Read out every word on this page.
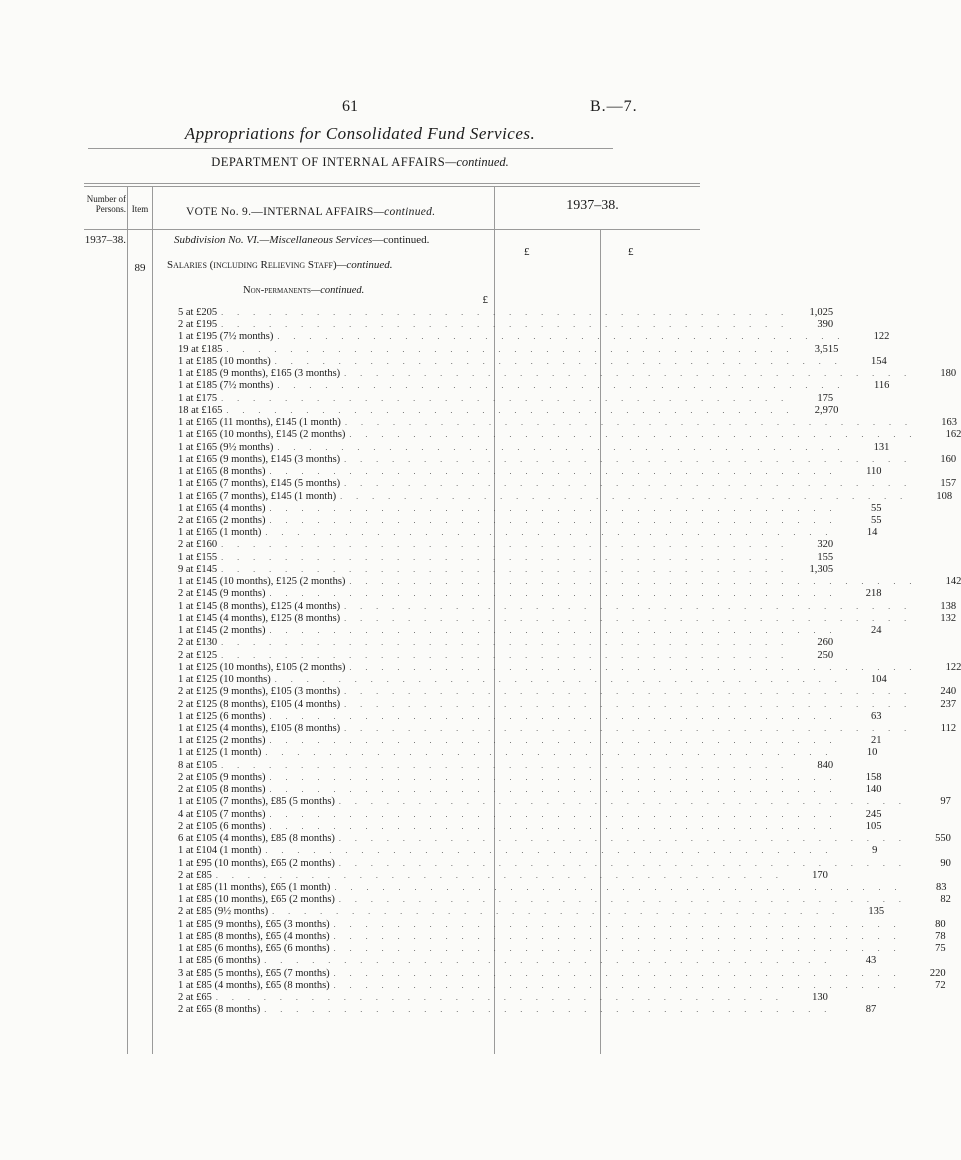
61	B.—7.
Appropriations for Consolidated Fund Services.
DEPARTMENT OF INTERNAL AFFAIRS—continued.
Number of Persons. Item	VOTE No. 9.—INTERNAL AFFAIRS—continued.	1937–38.
1937–38.	Subdivision No. VI.—Miscellaneous Services—continued.
£	£
89	Salaries (including Relieving Staff)—continued.
Non-permanents—continued.
£
5 at £205 . . . . . . . . . . . . . . . . . . . . . . . . . . . . . . . . . . . .	1,025
2 at £195 . . . . . . . . . . . . . . . . . . . . . . . . . . . . . . . . . . . .	390
1 at £195 (7½ months) . . . . . . . . . . . . . . . . . . . . . . . . . . . . . . . . . . . .	122
19 at £185 . . . . . . . . . . . . . . . . . . . . . . . . . . . . . . . . . . . .	3,515
1 at £185 (10 months) . . . . . . . . . . . . . . . . . . . . . . . . . . . . . . . . . . . .	154
1 at £185 (9 months), £165 (3 months) . . . . . . . . . . . . . . . . . . . . . . . . . . . . . . . . . . . .	180
1 at £185 (7½ months) . . . . . . . . . . . . . . . . . . . . . . . . . . . . . . . . . . . .	116
1 at £175 . . . . . . . . . . . . . . . . . . . . . . . . . . . . . . . . . . . .	175
18 at £165 . . . . . . . . . . . . . . . . . . . . . . . . . . . . . . . . . . . .	2,970
1 at £165 (11 months), £145 (1 month) . . . . . . . . . . . . . . . . . . . . . . . . . . . . . . . . . . . .	163
1 at £165 (10 months), £145 (2 months) . . . . . . . . . . . . . . . . . . . . . . . . . . . . . . . . . . . .	162
1 at £165 (9½ months) . . . . . . . . . . . . . . . . . . . . . . . . . . . . . . . . . . . .	131
1 at £165 (9 months), £145 (3 months) . . . . . . . . . . . . . . . . . . . . . . . . . . . . . . . . . . . .	160
1 at £165 (8 months) . . . . . . . . . . . . . . . . . . . . . . . . . . . . . . . . . . . .	110
1 at £165 (7 months), £145 (5 months) . . . . . . . . . . . . . . . . . . . . . . . . . . . . . . . . . . . .	157
1 at £165 (7 months), £145 (1 month) . . . . . . . . . . . . . . . . . . . . . . . . . . . . . . . . . . . .	108
1 at £165 (4 months) . . . . . . . . . . . . . . . . . . . . . . . . . . . . . . . . . . . .	55
2 at £165 (2 months) . . . . . . . . . . . . . . . . . . . . . . . . . . . . . . . . . . . .	55
1 at £165 (1 month) . . . . . . . . . . . . . . . . . . . . . . . . . . . . . . . . . . . .	14
2 at £160 . . . . . . . . . . . . . . . . . . . . . . . . . . . . . . . . . . . .	320
1 at £155 . . . . . . . . . . . . . . . . . . . . . . . . . . . . . . . . . . . .	155
9 at £145 . . . . . . . . . . . . . . . . . . . . . . . . . . . . . . . . . . . .	1,305
1 at £145 (10 months), £125 (2 months) . . . . . . . . . . . . . . . . . . . . . . . . . . . . . . . . . . . .	142
2 at £145 (9 months) . . . . . . . . . . . . . . . . . . . . . . . . . . . . . . . . . . . .	218
1 at £145 (8 months), £125 (4 months) . . . . . . . . . . . . . . . . . . . . . . . . . . . . . . . . . . . .	138
1 at £145 (4 months), £125 (8 months) . . . . . . . . . . . . . . . . . . . . . . . . . . . . . . . . . . . .	132
1 at £145 (2 months) . . . . . . . . . . . . . . . . . . . . . . . . . . . . . . . . . . . .	24
2 at £130 . . . . . . . . . . . . . . . . . . . . . . . . . . . . . . . . . . . .	260
2 at £125 . . . . . . . . . . . . . . . . . . . . . . . . . . . . . . . . . . . .	250
1 at £125 (10 months), £105 (2 months) . . . . . . . . . . . . . . . . . . . . . . . . . . . . . . . . . . . .	122
1 at £125 (10 months) . . . . . . . . . . . . . . . . . . . . . . . . . . . . . . . . . . . .	104
2 at £125 (9 months), £105 (3 months) . . . . . . . . . . . . . . . . . . . . . . . . . . . . . . . . . . . .	240
2 at £125 (8 months), £105 (4 months) . . . . . . . . . . . . . . . . . . . . . . . . . . . . . . . . . . . .	237
1 at £125 (6 months) . . . . . . . . . . . . . . . . . . . . . . . . . . . . . . . . . . . .	63
1 at £125 (4 months), £105 (8 months) . . . . . . . . . . . . . . . . . . . . . . . . . . . . . . . . . . . .	112
1 at £125 (2 months) . . . . . . . . . . . . . . . . . . . . . . . . . . . . . . . . . . . .	21
1 at £125 (1 month) . . . . . . . . . . . . . . . . . . . . . . . . . . . . . . . . . . . .	10
8 at £105 . . . . . . . . . . . . . . . . . . . . . . . . . . . . . . . . . . . .	840
2 at £105 (9 months) . . . . . . . . . . . . . . . . . . . . . . . . . . . . . . . . . . . .	158
2 at £105 (8 months) . . . . . . . . . . . . . . . . . . . . . . . . . . . . . . . . . . . .	140
1 at £105 (7 months), £85 (5 months) . . . . . . . . . . . . . . . . . . . . . . . . . . . . . . . . . . . .	97
4 at £105 (7 months) . . . . . . . . . . . . . . . . . . . . . . . . . . . . . . . . . . . .	245
2 at £105 (6 months) . . . . . . . . . . . . . . . . . . . . . . . . . . . . . . . . . . . .	105
6 at £105 (4 months), £85 (8 months) . . . . . . . . . . . . . . . . . . . . . . . . . . . . . . . . . . . .	550
1 at £104 (1 month) . . . . . . . . . . . . . . . . . . . . . . . . . . . . . . . . . . . .	9
1 at £95 (10 months), £65 (2 months) . . . . . . . . . . . . . . . . . . . . . . . . . . . . . . . . . . . .	90
2 at £85 . . . . . . . . . . . . . . . . . . . . . . . . . . . . . . . . . . . .	170
1 at £85 (11 months), £65 (1 month) . . . . . . . . . . . . . . . . . . . . . . . . . . . . . . . . . . . .	83
1 at £85 (10 months), £65 (2 months) . . . . . . . . . . . . . . . . . . . . . . . . . . . . . . . . . . . .	82
2 at £85 (9½ months) . . . . . . . . . . . . . . . . . . . . . . . . . . . . . . . . . . . .	135
1 at £85 (9 months), £65 (3 months) . . . . . . . . . . . . . . . . . . . . . . . . . . . . . . . . . . . .	80
1 at £85 (8 months), £65 (4 months) . . . . . . . . . . . . . . . . . . . . . . . . . . . . . . . . . . . .	78
1 at £85 (6 months), £65 (6 months) . . . . . . . . . . . . . . . . . . . . . . . . . . . . . . . . . . . .	75
1 at £85 (6 months) . . . . . . . . . . . . . . . . . . . . . . . . . . . . . . . . . . . .	43
3 at £85 (5 months), £65 (7 months) . . . . . . . . . . . . . . . . . . . . . . . . . . . . . . . . . . . .	220
1 at £85 (4 months), £65 (8 months) . . . . . . . . . . . . . . . . . . . . . . . . . . . . . . . . . . . .	72
2 at £65 . . . . . . . . . . . . . . . . . . . . . . . . . . . . . . . . . . . .	130
2 at £65 (8 months) . . . . . . . . . . . . . . . . . . . . . . . . . . . . . . . . . . . .	87
